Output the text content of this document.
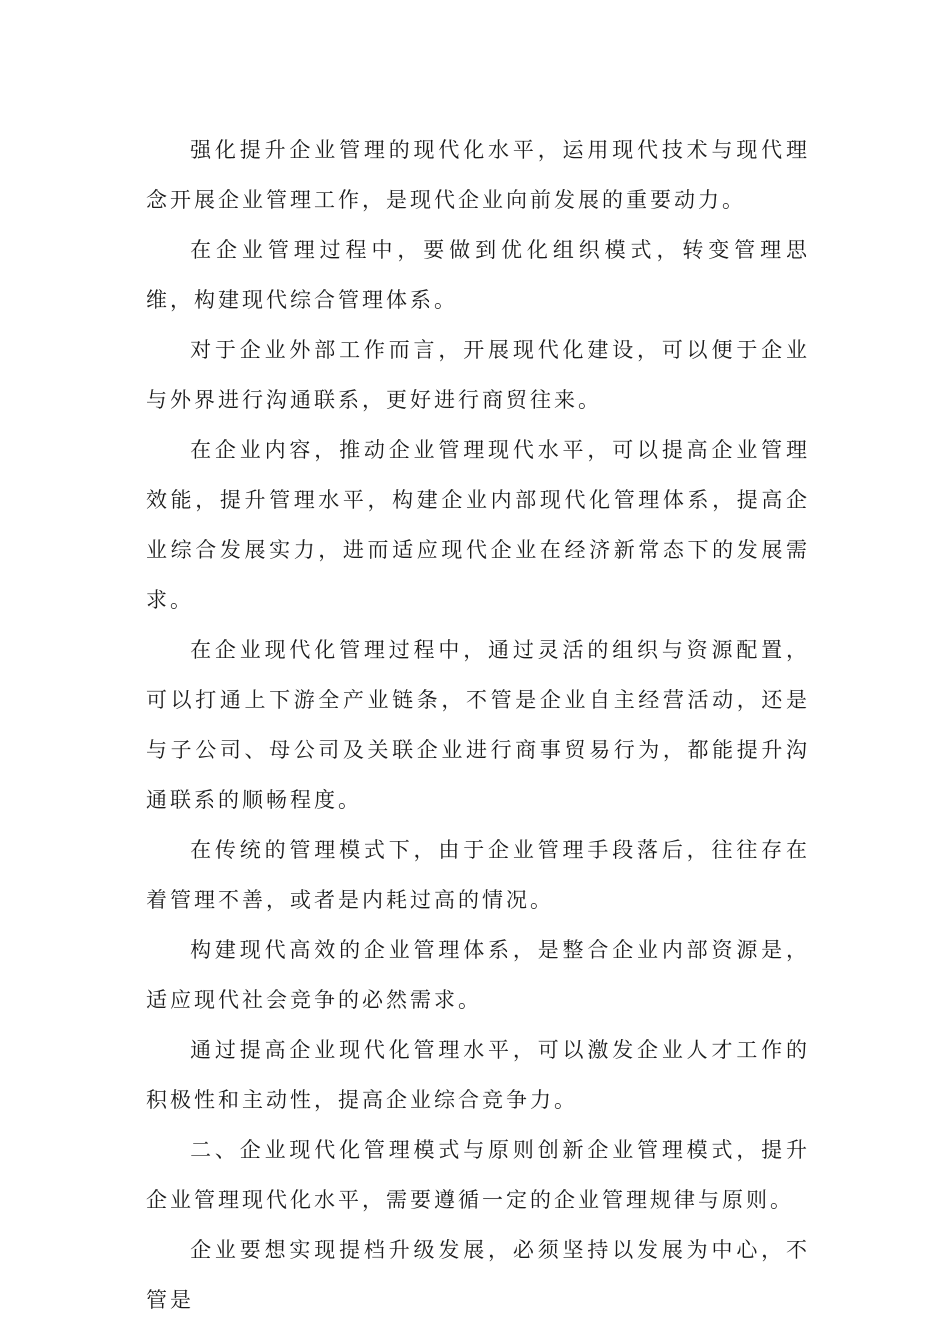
强化提升企业管理的现代化水平，运用现代技术与现代理念开展企业管理工作，是现代企业向前发展的重要动力。

在企业管理过程中，要做到优化组织模式，转变管理思维，构建现代综合管理体系。

对于企业外部工作而言，开展现代化建设，可以便于企业与外界进行沟通联系，更好进行商贸往来。

在企业内容，推动企业管理现代水平，可以提高企业管理效能，提升管理水平，构建企业内部现代化管理体系，提高企业综合发展实力，进而适应现代企业在经济新常态下的发展需求。

在企业现代化管理过程中，通过灵活的组织与资源配置，可以打通上下游全产业链条，不管是企业自主经营活动，还是与子公司、母公司及关联企业进行商事贸易行为，都能提升沟通联系的顺畅程度。

在传统的管理模式下，由于企业管理手段落后，往往存在着管理不善，或者是内耗过高的情况。

构建现代高效的企业管理体系，是整合企业内部资源是，适应现代社会竞争的必然需求。

通过提高企业现代化管理水平，可以激发企业人才工作的积极性和主动性，提高企业综合竞争力。

二、企业现代化管理模式与原则创新企业管理模式，提升企业管理现代化水平，需要遵循一定的企业管理规律与原则。

企业要想实现提档升级发展，必须坚持以发展为中心，不管是
